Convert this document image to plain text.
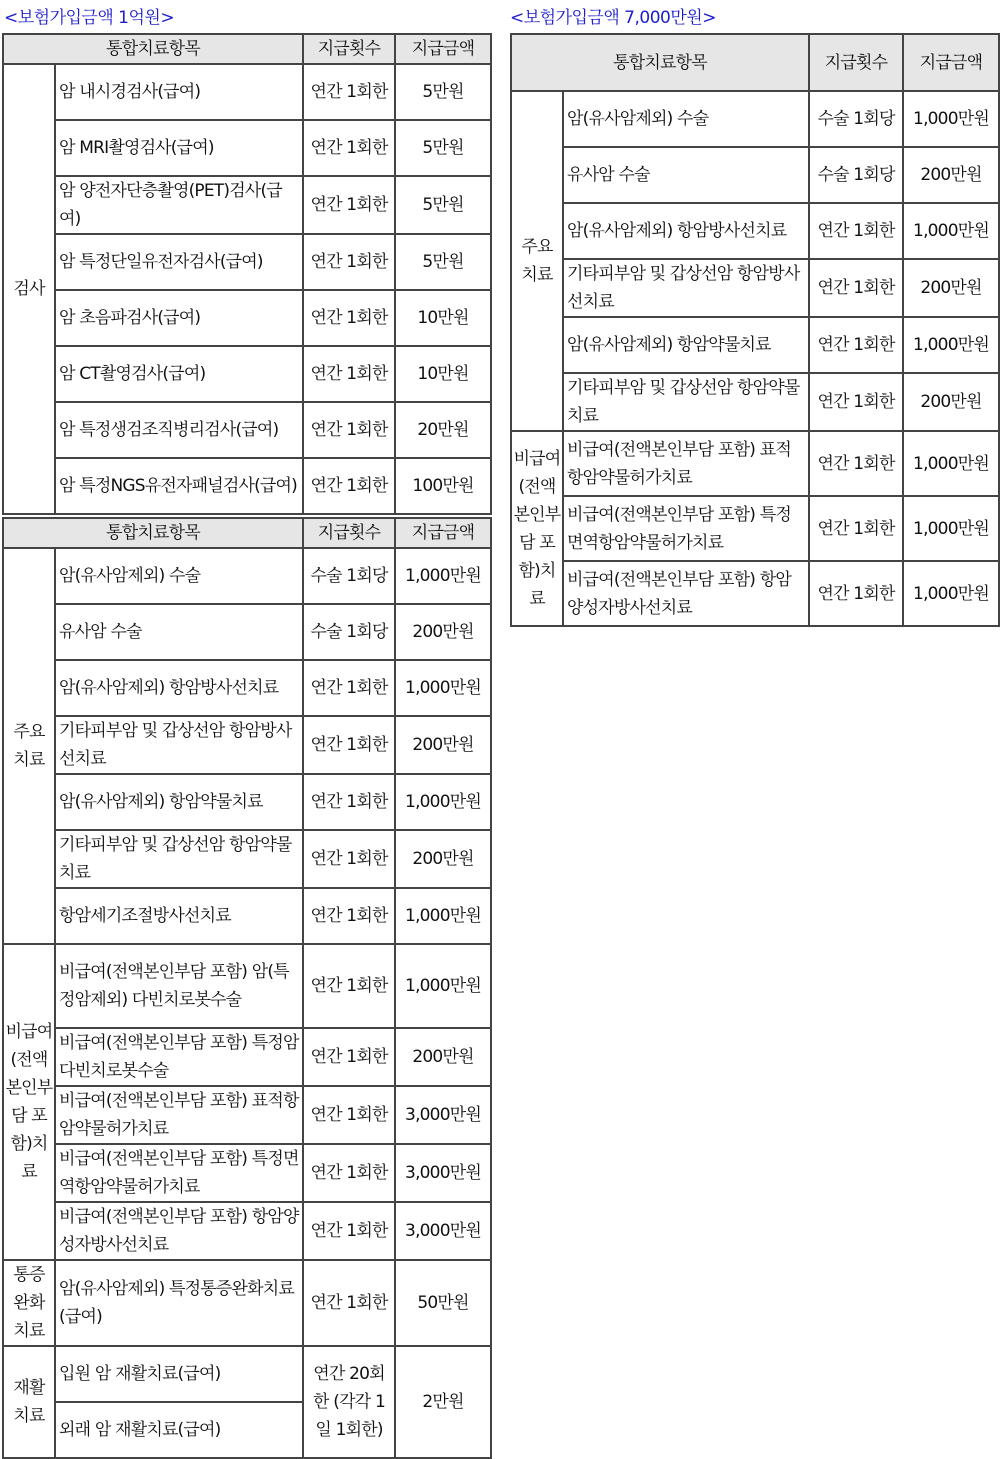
<보험가입금액 1억원>	<보험가입금액 7,000만원>
통합치료항목		지급횟수	지급금액
검사	암 내시경검사(급여)	연간 1회한	5만원
	암 MRI촬영검사(급여)	연간 1회한	5만원
	암 양전자단층촬영(PET)검사(급여)	연간 1회한	5만원
	암 특정단일유전자검사(급여)	연간 1회한	5만원
	암 초음파검사(급여)	연간 1회한	10만원
	암 CT촬영검사(급여)	연간 1회한	10만원
	암 특정생검조직병리검사(급여)	연간 1회한	20만원
	암 특정NGS유전자패널검사(급여)	연간 1회한	100만원
통합치료항목		지급횟수	지급금액
주요 치료	암(유사암제외) 수술	수술 1회당	1,000만원
	유사암 수술	수술 1회당	200만원
	암(유사암제외) 항암방사선치료	연간 1회한	1,000만원
	기타피부암 및 갑상선암 항암방사선치료	연간 1회한	200만원
	암(유사암제외) 항암약물치료	연간 1회한	1,000만원
	기타피부암 및 갑상선암 항암약물치료	연간 1회한	200만원
	항암세기조절방사선치료	연간 1회한	1,000만원
비급여(전액본인부담 포함)치료	비급여(전액본인부담 포함) 암(특정암제외) 다빈치로봇수술	연간 1회한	1,000만원
	비급여(전액본인부담 포함) 특정암 다빈치로봇수술	연간 1회한	200만원
	비급여(전액본인부담 포함) 표적항암약물허가치료	연간 1회한	3,000만원
	비급여(전액본인부담 포함) 특정면역항암약물허가치료	연간 1회한	3,000만원
	비급여(전액본인부담 포함) 항암양성자방사선치료	연간 1회한	3,000만원
통증 완화 치료	암(유사암제외) 특정통증완화치료(급여)	연간 1회한	50만원
재활 치료	입원 암 재활치료(급여)	연간 20회한 (각각 1일 1회한)	2만원
	외래 암 재활치료(급여)		
통합치료항목		지급횟수	지급금액
주요 치료	암(유사암제외) 수술	수술 1회당	1,000만원
	유사암 수술	수술 1회당	200만원
	암(유사암제외) 항암방사선치료	연간 1회한	1,000만원
	기타피부암 및 갑상선암 항암방사선치료	연간 1회한	200만원
	암(유사암제외) 항암약물치료	연간 1회한	1,000만원
	기타피부암 및 갑상선암 항암약물치료	연간 1회한	200만원
비급여(전액본인부담 포함)치료	비급여(전액본인부담 포함) 표적항암약물허가치료	연간 1회한	1,000만원
	비급여(전액본인부담 포함) 특정면역항암약물허가치료	연간 1회한	1,000만원
	비급여(전액본인부담 포함) 항암양성자방사선치료	연간 1회한	1,000만원
